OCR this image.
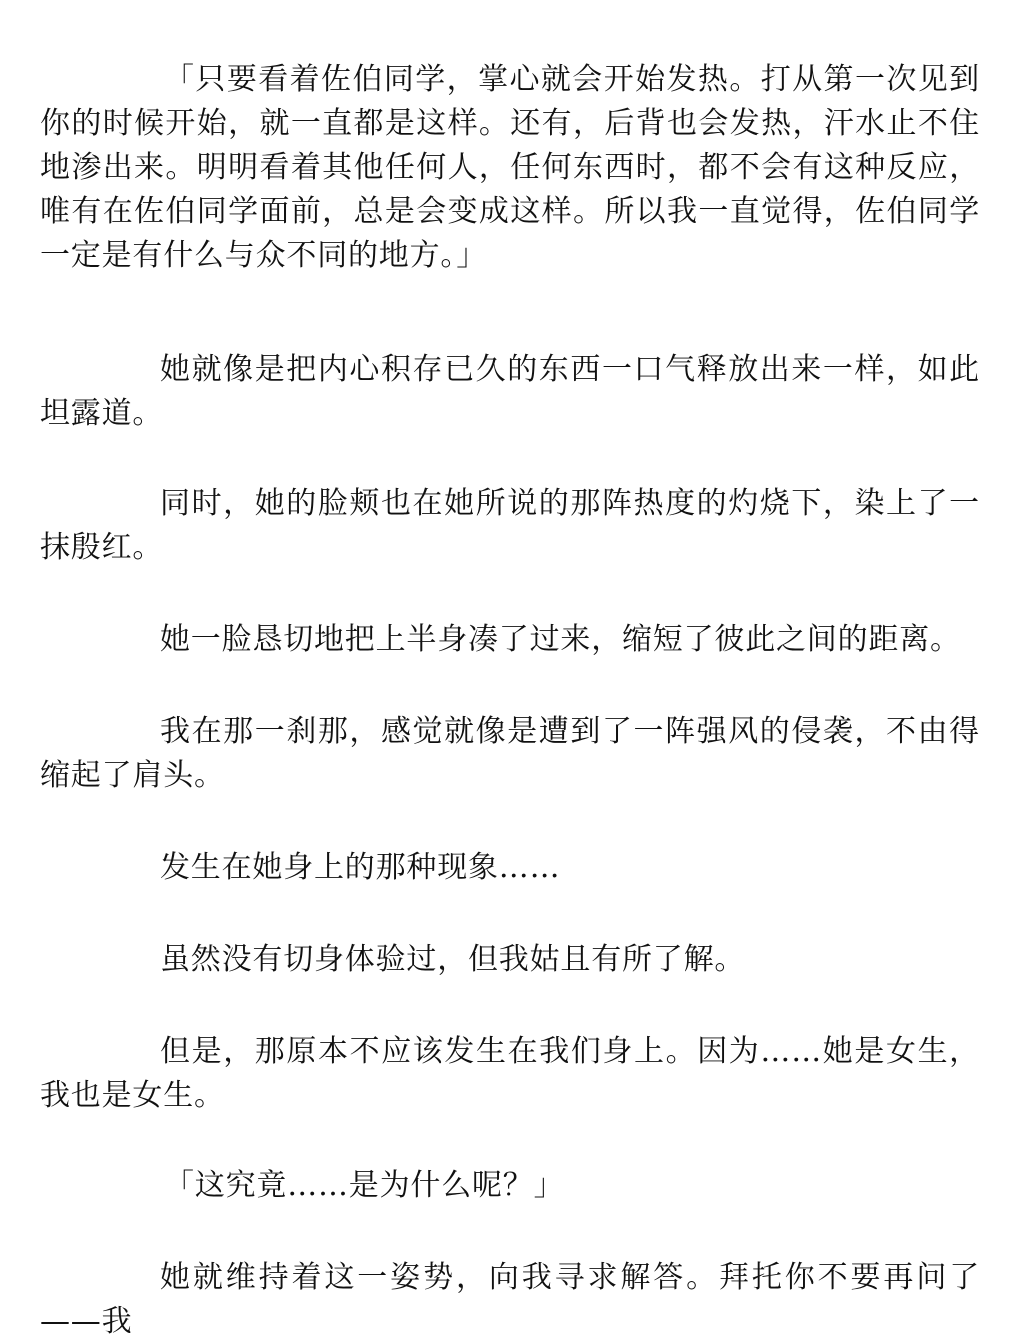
「只要看着佐伯同学，掌心就会开始发热。打从第一次见到你的时候开始，就一直都是这样。还有，后背也会发热，汗水止不住地渗出来。明明看着其他任何人，任何东西时，都不会有这种反应，唯有在佐伯同学面前，总是会变成这样。所以我一直觉得，佐伯同学一定是有什么与众不同的地方。」

她就像是把内心积存已久的东西一口气释放出来一样，如此坦露道。

同时，她的脸颊也在她所说的那阵热度的灼烧下，染上了一抹殷红。

她一脸恳切地把上半身凑了过来，缩短了彼此之间的距离。

我在那一刹那，感觉就像是遭到了一阵强风的侵袭，不由得缩起了肩头。

发生在她身上的那种现象……

虽然没有切身体验过，但我姑且有所了解。

但是，那原本不应该发生在我们身上。因为……她是女生，我也是女生。

「这究竟……是为什么呢？」

她就维持着这一姿势，向我寻求解答。拜托你不要再问了——我
